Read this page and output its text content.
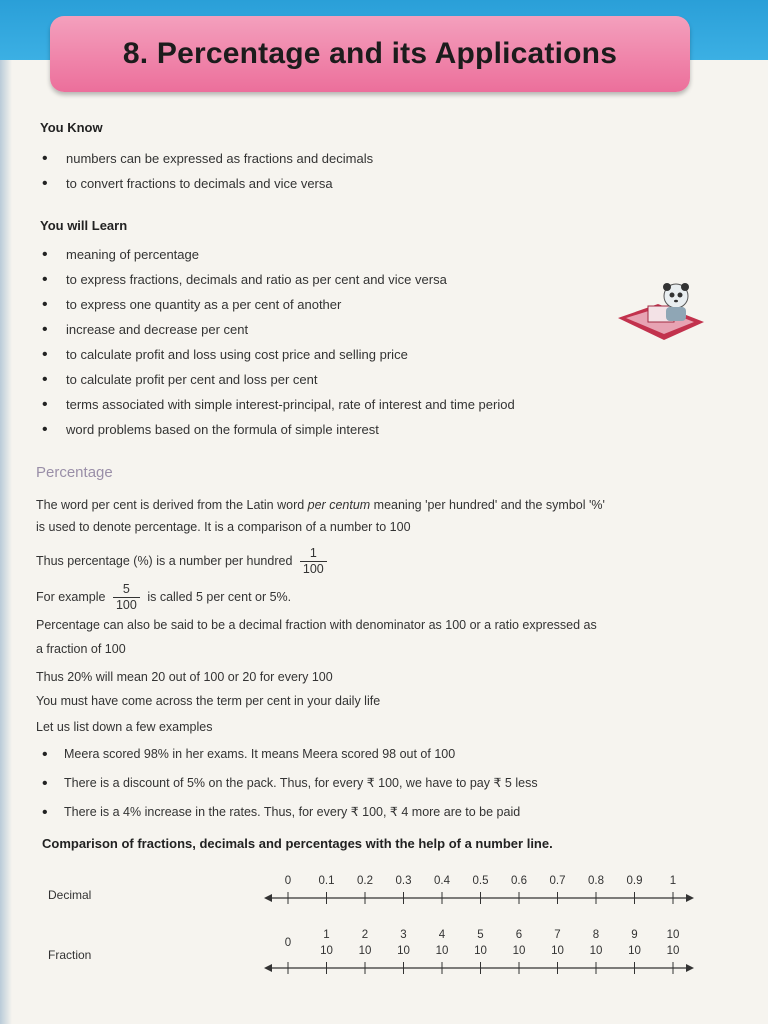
8. Percentage and its Applications
You Know
• numbers can be expressed as fractions and decimals
• to convert fractions to decimals and vice versa
You will Learn
• meaning of percentage
• to express fractions, decimals and ratio as per cent and vice versa
• to express one quantity as a per cent of another
• increase and decrease per cent
• to calculate profit and loss using cost price and selling price
• to calculate profit per cent and loss per cent
• terms associated with simple interest-principal, rate of interest and time period
• word problems based on the formula of simple interest
Percentage
The word per cent is derived from the Latin word per centum meaning 'per hundred' and the symbol '%'
is used to denote percentage. It is a comparison of a number to 100
Thus percentage (%) is a number per hundred $\frac{1}{100}$
For example $\frac{5}{100}$ is called 5 per cent or 5%.
Percentage can also be said to be a decimal fraction with denominator as 100 or a ratio expressed as
a fraction of 100
Thus 20% will mean 20 out of 100 or 20 for every 100
You must have come across the term per cent in your daily life
Let us list down a few examples
• Meera scored 98% in her exams. It means Meera scored 98 out of 100
• There is a discount of 5% on the pack. Thus, for every ₹ 100, we have to pay ₹ 5 less
• There is a 4% increase in the rates. Thus, for every ₹ 100, ₹ 4 more are to be paid
Comparison of fractions, decimals and percentages with the help of a number line.
Decimal
0 0.1 0.2 0.3 0.4 0.5 0.6 0.7 0.8 0.9 1
Fraction
0
1
10
2
10
3
10
4
10
5
10
6
10
7
10
8
10
9
10
10
10
